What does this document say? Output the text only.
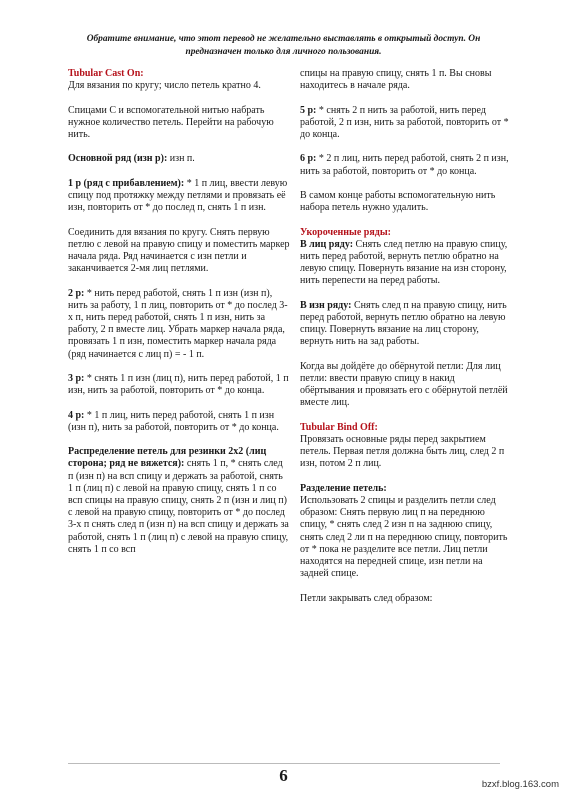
Обратите внимание, что этот перевод не желательно выставлять в открытый доступ. Он
предназначен только для личного пользования.

Tubular Cast On:
Для вязания по кругу; число петель кратно 4.

Спицами С и вспомогательной нитью набрать нужное количество петель. Перейти на рабочую нить.

Основной ряд (изн р): изн п.

1 р (ряд с прибавлением): * 1 п лиц, ввести левую спицу под протяжку между петлями и провязать её изн, повторить от * до послед п, снять 1 п изн.

Соединить для вязания по кругу. Снять первую петлю с левой на правую спицу и поместить маркер начала ряда. Ряд начинается с изн петли и заканчивается 2-мя лиц петлями.

2 р: * нить перед работой, снять 1 п изн (изн п), нить за работу, 1 п лиц, повторить от * до послед 3-х п, нить перед работой, снять 1 п изн, нить за работу, 2 п вместе лиц. Убрать маркер начала ряда, провязать 1 п изн, поместить маркер начала ряда (ряд начинается с лиц п) = - 1 п.

3 р: * снять 1 п изн (лиц п), нить перед работой, 1 п изн, нить за работой, повторить от * до конца.

4 р: * 1 п лиц, нить перед работой, снять 1 п изн (изн п), нить за работой, повторить от * до конца.

Распределение петель для резинки 2х2 (лиц сторона; ряд не вяжется): снять 1 п, * снять след п (изн п) на всп спицу и держать за работой, снять 1 п (лиц п) с левой на правую спицу, снять 1 п со всп спицы на правую спицу, снять 2 п (изн и лиц п) с левой на правую спицу, повторить от * до послед 3-х п снять след п (изн п) на всп спицу и держать за работой, снять 1 п (лиц п) с левой на правую спицу, снять 1 п со всп

спицы на правую спицу, снять 1 п. Вы сновы находитесь в начале ряда.

5 р: * снять 2 п нить за работой, нить перед работой, 2 п изн, нить за работой, повторить от * до конца.

6 р: * 2 п лиц, нить перед работой, снять 2 п изн, нить за работой, повторить от * до конца.

В самом конце работы вспомогательную нить набора петель нужно удалить.

Укороченные ряды:
В лиц ряду: Снять след петлю на правую спицу, нить перед работой, вернуть петлю обратно на левую спицу. Повернуть вязание на изн сторону, нить перепести на перед работы.

В изн ряду: Снять след п на правую спицу, нить перед работой, вернуть петлю обратно на левую спицу. Повернуть вязание на лиц сторону, вернуть нить на зад работы.

Когда вы дойдёте до обёрнутой петли: Для лиц петли: ввести правую спицу в накид обёртывания и провязать его с обёрнутой петлёй вместе лиц.

Tubular Bind Off:
Провязать основные ряды перед закрытием петель. Первая петля должна быть лиц, след 2 п изн, потом 2 п лиц.

Разделение петель:
Использовать 2 спицы и разделить петли след образом: Снять первую лиц п на переднюю спицу, * снять след 2 изн п на заднюю спицу, снять след 2 ли п на переднюю спицу, повторить от * пока не разделите все петли. Лиц петли находятся на передней спице, изн петли на задней спице.

Петли закрывать след образом:

6	bzxf.blog.163.com
